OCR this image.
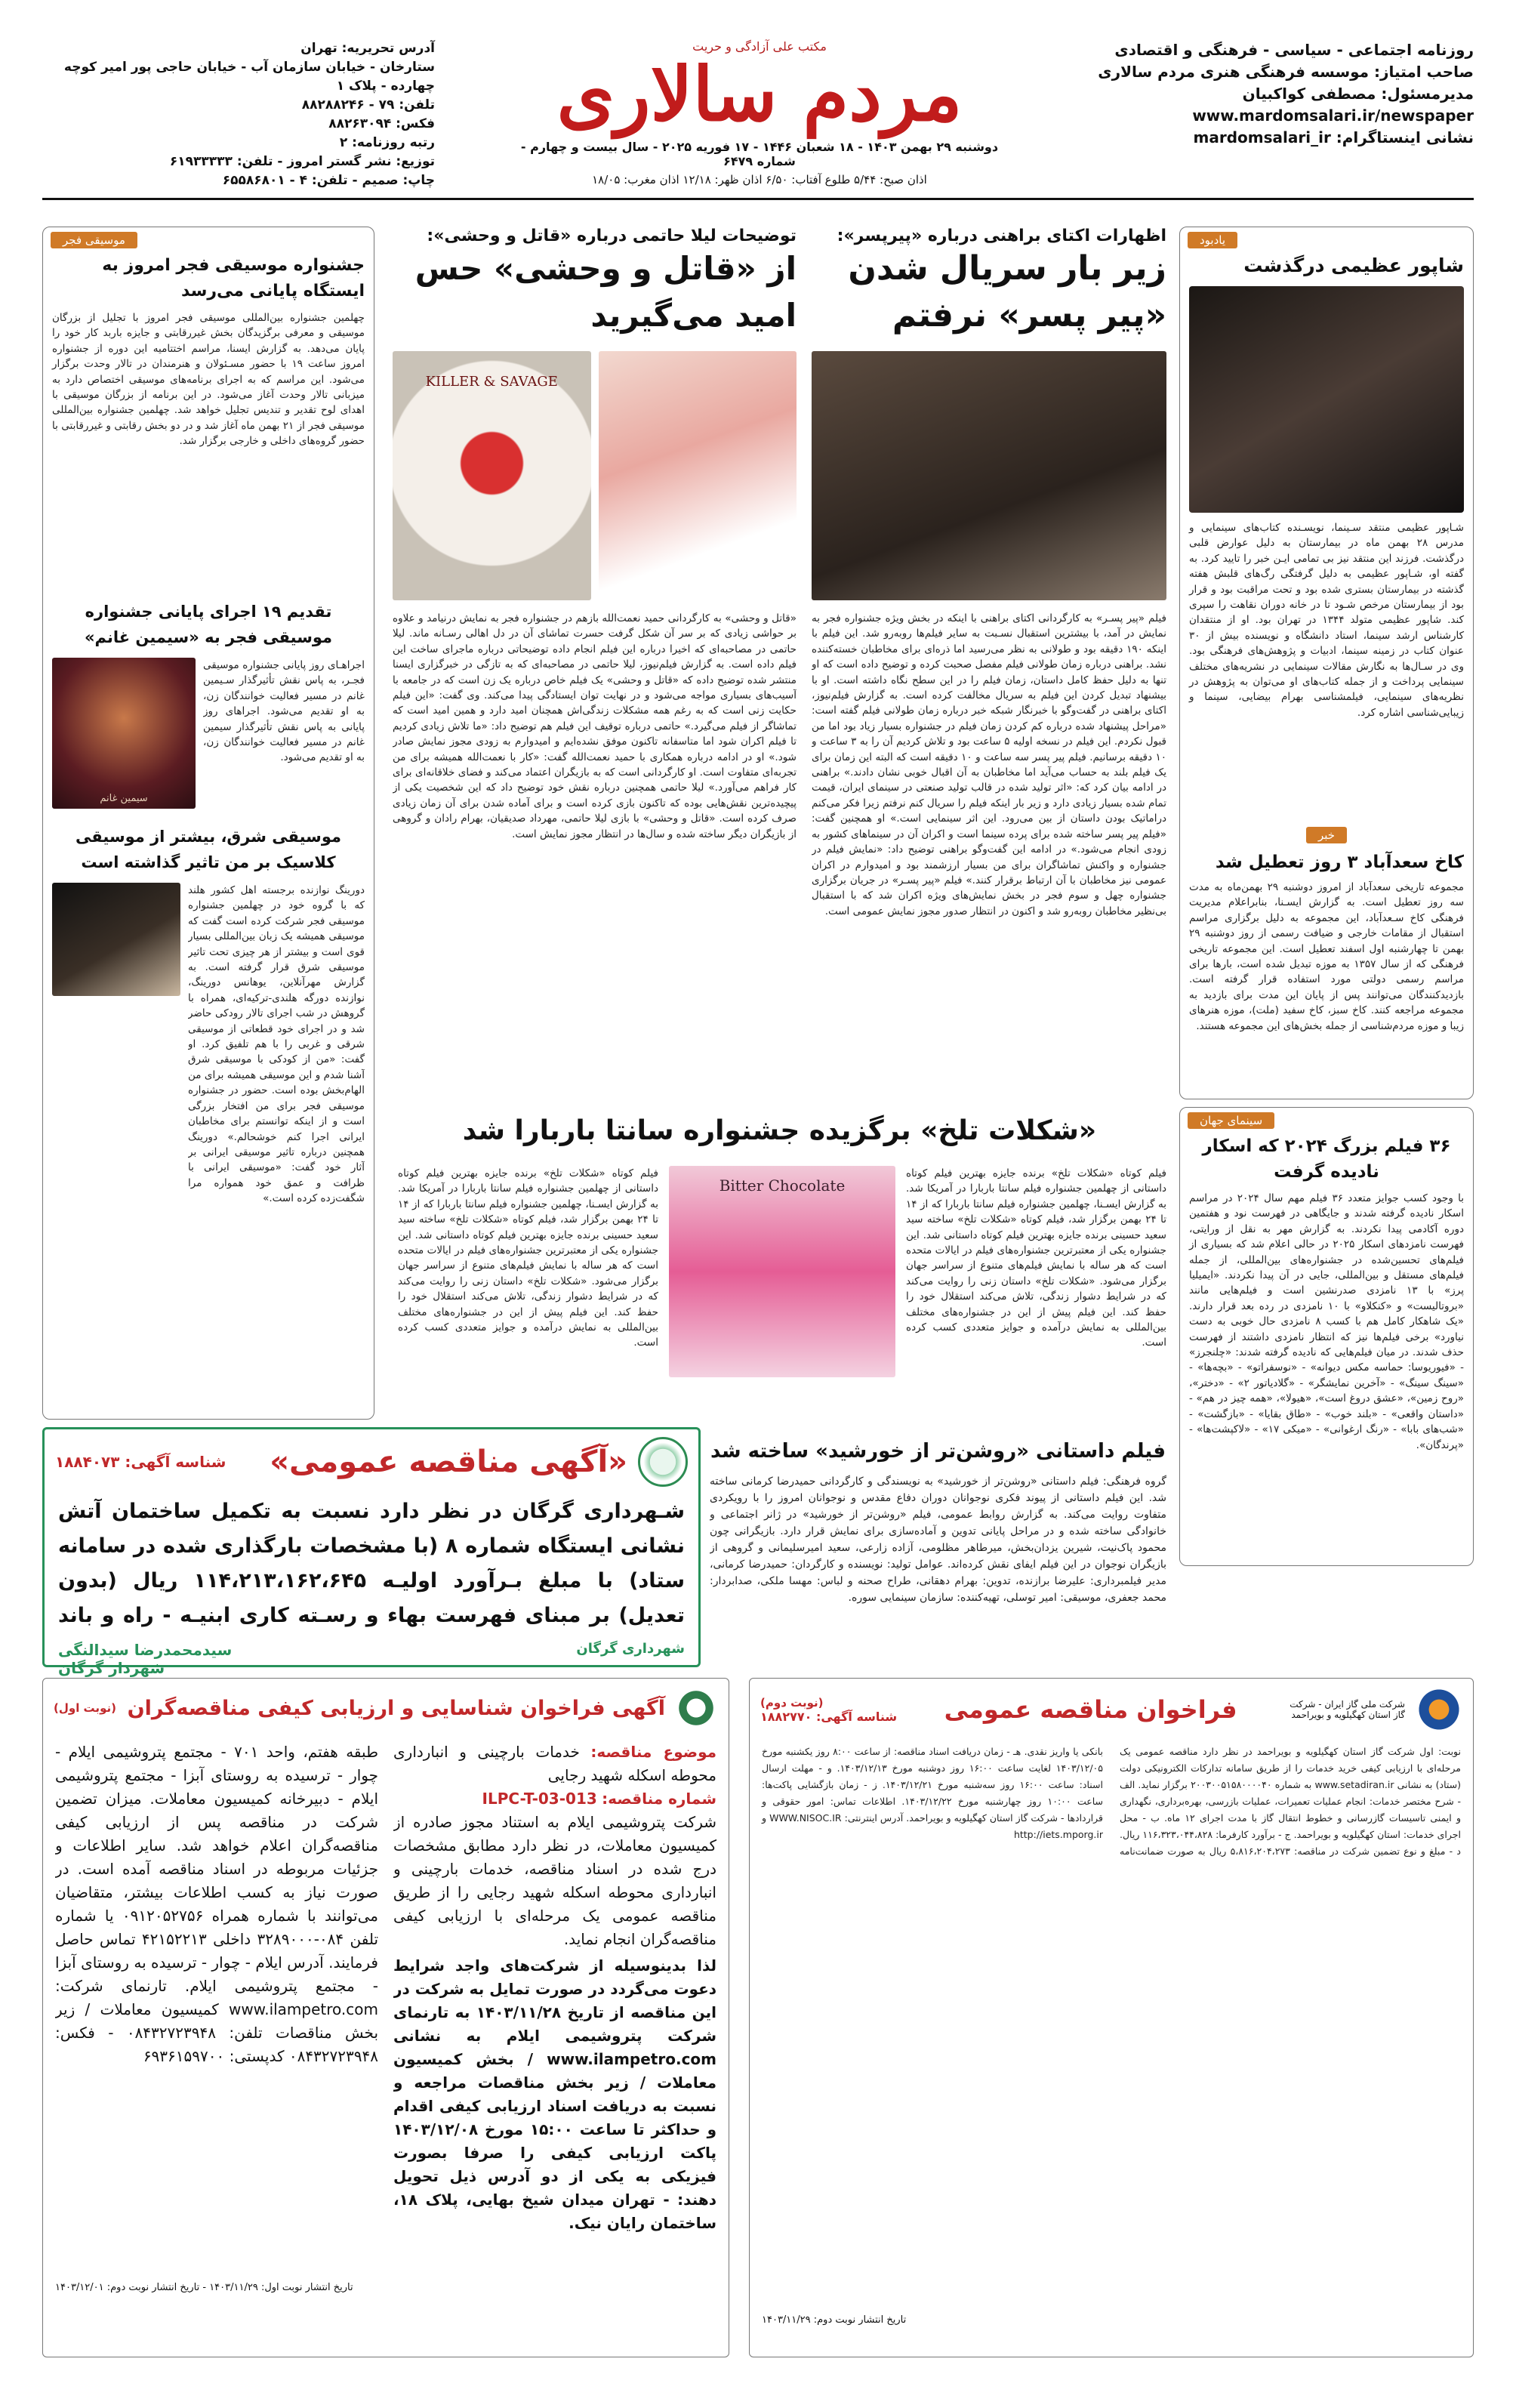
روزنامه اجتماعی - سیاسی - فرهنگی و اقتصادی
صاحب امتیاز: موسسه فرهنگی هنری مردم سالاری
مدیرمسئول: مصطفی کواکبیان
www.mardomsalari.ir/newspaper
نشانی اینستاگرام: mardomsalari_ir
مکتب علی آزادگی و حریت
مردم سالاری
دوشنبه ۲۹ بهمن ۱۴۰۳ - ۱۸ شعبان ۱۴۴۶ - ۱۷ فوریه ۲۰۲۵ - سال بیست و چهارم - شماره ۶۴۷۹
اذان صبح: ۵/۴۴ طلوع آفتاب: ۶/۵۰ اذان ظهر: ۱۲/۱۸ اذان مغرب: ۱۸/۰۵
آدرس تحریریه: تهران
ستارخان - خیابان سازمان آب - خیابان حاجی پور امیر کوچه چهارده - پلاک ۱
تلفن: ۷۹ - ۸۸۲۸۸۲۴۶
فکس: ۸۸۲۶۳۰۹۴
رتبه روزنامه: ۲
توزیع: نشر گستر امروز - تلفن: ۶۱۹۳۳۳۳۳
چاپ: صمیم - تلفن: ۴ - ۶۵۵۸۶۸۰۱
یادبود
شاپور عظیمی درگذشت
شـاپور عظیمی منتقد سـینما، نویسـنده کتاب‌های سینمایی و مدرس ۲۸ بهمن ماه در بیمارستان به دلیل عوارض قلبی درگذشت. فرزند این منتقد نیز بی تمامی ایـن خبر را تایید کرد. به گفته او، شـاپور عظیمی به دلیل گرفتگی رگ‌های قلبش هفته گذشته در بیمارستان بستری شده بود و تحت مراقبت بود و قرار بود از بیمارستان مرخص شـود تا در خانه دوران نقاهت را سپری کند. شاپور عظیمی متولد ۱۳۴۴ در تهران بود. او از منتقدان کارشناس ارشد سینما، استاد دانشگاه و نویسنده بیش از ۳۰ عنوان کتاب در زمینه سینما، ادبیات و پژوهش‌های فرهنگی بود. وی در سـال‌ها به نگارش مقالات سینمایی در نشریه‌های مختلف سینمایی پرداخت و از جمله کتاب‌های او می‌توان به پژوهش در نظریه‌های سینمایی، فیلمشناسی بهرام بیضایی، سینما و زیبایی‌شناسی اشاره کرد.
خبر
کاخ سعدآباد ۳ روز تعطیل شد
مجموعه تاریخی سعدآباد از امروز دوشنبه ۲۹ بهمن‌ماه به مدت سه روز تعطیل است. به گزارش ایسـنا، بنابراعلام مدیریت فرهنگی کاخ سـعدآباد، این مجموعه به دلیل برگزاری مراسم استقبال از مقامات خارجی و ضیافت رسمی از روز دوشنبه ۲۹ بهمن تا چهارشنبه اول اسفند تعطیل است. این مجموعه تاریخی فرهنگی که از سال ۱۳۵۷ به موزه تبدیل شده است، بارها برای مراسم رسمی دولتی مورد استفاده قرار گرفته است. بازدیدکنندگان می‌توانند پس از پایان این مدت برای بازدید به مجموعه مراجعه کنند. کاخ سبز، کاخ سفید (ملت)، موزه هنرهای زیبا و موزه مردم‌شناسی از جمله بخش‌های این مجموعه هستند.
سینمای جهان
۳۶ فیلم بزرگ ۲۰۲۴ که اسکار نادیده گرفت
با وجود کسب جوایز متعدد ۳۶ فیلم مهم سال ۲۰۲۴ در مراسم اسکار نادیده گرفته شدند و جایگاهی در فهرست نود و هفتمین دوره آکادمی پیدا نکردند. به گزارش مهر به نقل از ورایتی، فهرست نامزدهای اسکار ۲۰۲۵ در حالی اعلام شد که بسیاری از فیلم‌های تحسین‌شده در جشنواره‌های بین‌المللی، از جمله فیلم‌های مستقل و بین‌المللی، جایی در آن پیدا نکردند. «ایمیلیا پرز» با ۱۳ نامزدی صدرنشین است و فیلم‌هایی مانند «بروتالیست» و «کنکلاو» با ۱۰ نامزدی در رده بعد قرار دارند. «یک شاهکار کامل هم با کسب ۸ نامزدی حال خوبی به دست نیاورد» برخی فیلم‌ها نیز که انتظار نامزدی داشتند از فهرست حذف شدند. در میان فیلم‌هایی که نادیده گرفته شدند: «چلنجرز» - «فیوریوسا: حماسه مکس دیوانه» - «نوسفراتو» - «بچه‌ها» - «سینگ سینگ» - «آخرین نمایشگر» - «گلادیاتور ۲» - «دختر»، «روح زمین»، «عشق دروغ است»، «هیولا»، «همه چیز در هم» - «داستان واقعی» - «بلند خوب» - «طاق بقایا» - «بازگشت» - «شب‌های بابا» - «رنگ ارغوانی» - «میکی ۱۷» - «لاکپشت‌ها» - «پرندگان».
اظهارات اکتای براهنی درباره «پیرپسر»:
زیر بار سریال شدن «پیر پسر» نرفتم
فیلم «پیر پسـر» به کارگردانی اکتای براهنی با اینکه در بخش ویژه جشنواره فجر به نمایش در آمد، با بیشترین استقبال نسـبت به سایر فیلم‌ها روبه‌رو شد. این فیلم با اینکه ۱۹۰ دقیقه بود و طولانی به نظر می‌رسید اما ذره‌ای برای مخاطبان خسته‌کننده نشد. براهنی درباره زمان طولانی فیلم مفصل صحبت کرده و توضیح داده است که او تنها به دلیل حفظ کامل داستان، زمان فیلم را در این سطح نگاه داشته است. او با بیشنهاد تبدیل کردن این فیلم به سریال مخالفت کرده است. به گزارش فیلم‌نیوز، اکتای براهنی در گفت‌وگو با خبرنگار شبکه خبر درباره زمان طولانی فیلم گفته است: «مراحل پیشنهاد شده درباره کم کردن زمان فیلم در جشنواره بسیار زیاد بود اما من قبول نکردم. این فیلم در نسخه اولیه ۵ ساعت بود و تلاش کردیم آن را به ۳ ساعت و ۱۰ دقیقه برسانیم. فیلم پیر پسر سه ساعت و ۱۰ دقیقه است که البته این زمان برای یک فیلم بلند به حساب می‌آید اما مخاطبان به آن اقبال خوبی نشان دادند.» براهنی در ادامه بیان کرد که: «اثر تولید شده در قالب تولید صنعتی در سینمای ایران، قیمت تمام شده بسیار زیادی دارد و زیر بار اینکه فیلم را سریال کنم نرفتم زیرا فکر می‌کنم دراماتیک بودن داستان از بین می‌رود. این اثر سینمایی است.» او همچنین گفت: «فیلم پیر پسر ساخته شده برای پرده سینما است و اکران آن در سینماهای کشور به زودی انجام می‌شود.» در ادامه این گفت‌وگو براهنی توضیح داد: «نمایش فیلم در جشنواره و واکنش تماشاگران برای من بسیار ارزشمند بود و امیدوارم در اکران عمومی نیز مخاطبان با آن ارتباط برقرار کنند.» فیلم «پیر پسـر» در جریان برگزاری جشنواره چهل و سوم فجر در بخش نمایش‌های ویژه اکران شد که با استقبال بی‌نظیر مخاطبان روبه‌رو شد و اکنون در انتظار صدور مجوز نمایش عمومی است.
توضیحات لیلا حاتمی درباره «قاتل و وحشی»:
از «قاتل و وحشی» حس امید می‌گیرید
KILLER & SAVAGE
«قاتل و وحشی» به کارگردانی حمید نعمت‌الله بازهم در جشنواره فجر به نمایش درنیامد و علاوه بر حواشی زیادی که بر سر آن شکل گرفت حسرت تماشای آن در دل اهالی رسـانه ماند. لیلا حاتمی در مصاحبه‌ای که اخیرا درباره این فیلم انجام داده توضیحاتی درباره ماجرای ساخت این فیلم داده است. به گزارش فیلم‌نیوز، لیلا حاتمی در مصاحبه‌ای که به تازگی در خبرگزاری ایسنا منتشر شده توضیح داده که «قاتل و وحشی» یک فیلم خاص درباره یک زن است که در جامعه با آسیب‌های بسیاری مواجه می‌شود و در نهایت توان ایستادگی پیدا می‌کند. وی گفت: «این فیلم حکایت زنی است که به رغم همه مشکلات زندگی‌اش همچنان امید دارد و همین امید است که تماشاگر از فیلم می‌گیرد.» حاتمی درباره توقیف این فیلم هم توضیح داد: «ما تلاش زیادی کردیم تا فیلم اکران شود اما متاسفانه تاکنون موفق نشده‌ایم و امیدوارم به زودی مجوز نمایش صادر شود.» او در ادامه درباره همکاری با حمید نعمت‌الله گفت: «کار با نعمت‌الله همیشه برای من تجربه‌ای متفاوت است. او کارگردانی است که به بازیگران اعتماد می‌کند و فضای خلاقانه‌ای برای کار فراهم می‌آورد.» لیلا حاتمی همچنین درباره نقش خود توضیح داد که این شخصیت یکی از پیچیده‌ترین نقش‌هایی بوده که تاکنون بازی کرده است و برای آماده شدن برای آن زمان زیادی صرف کرده است. «قاتل و وحشی» با بازی لیلا حاتمی، مهرداد صدیقیان، بهرام رادان و گروهی از بازیگران دیگر ساخته شده و سال‌ها در انتظار مجوز نمایش است.
«شکلات تلخ» برگزیده جشنواره سانتا باربارا شد
فیلم کوتاه «شکلات تلخ» برنده جایزه بهترین فیلم کوتاه داستانی از چهلمین جشنواره فیلم سانتا باربارا در آمریکا شد. به گزارش ایسـنا، چهلمین جشنواره فیلم سانتا باربارا که از ۱۴ تا ۲۴ بهمن برگزار شد، فیلم کوتاه «شکلات تلخ» ساخته سید سعید حسینی برنده جایزه بهترین فیلم کوتاه داستانی شد. این جشنواره یکی از معتبرترین جشنواره‌های فیلم در ایالات متحده است که هر ساله با نمایش فیلم‌های متنوع از سراسر جهان برگزار می‌شود. «شکلات تلخ» داستان زنی را روایت می‌کند که در شرایط دشوار زندگی، تلاش می‌کند استقلال خود را حفظ کند. این فیلم پیش از این در جشنواره‌های مختلف بین‌المللی به نمایش درآمده و جوایز متعددی کسب کرده است.
Bitter Chocolate
فیلم کوتاه «شکلات تلخ» برنده جایزه بهترین فیلم کوتاه داستانی از چهلمین جشنواره فیلم سانتا باربارا در آمریکا شد. به گزارش ایسـنا، چهلمین جشنواره فیلم سانتا باربارا که از ۱۴ تا ۲۴ بهمن برگزار شد، فیلم کوتاه «شکلات تلخ» ساخته سید سعید حسینی برنده جایزه بهترین فیلم کوتاه داستانی شد. این جشنواره یکی از معتبرترین جشنواره‌های فیلم در ایالات متحده است که هر ساله با نمایش فیلم‌های متنوع از سراسر جهان برگزار می‌شود. «شکلات تلخ» داستان زنی را روایت می‌کند که در شرایط دشوار زندگی، تلاش می‌کند استقلال خود را حفظ کند. این فیلم پیش از این در جشنواره‌های مختلف بین‌المللی به نمایش درآمده و جوایز متعددی کسب کرده است.
موسیقی فجر
جشنواره موسیقی فجر امروز به ایستگاه پایانی می‌رسد
چهلمین جشنواره بین‌المللی موسیقی فجر امروز با تجلیل از بزرگان موسیقی و معرفی برگزیدگان بخش غیررقابتی و جایزه باربد کار خود را پایان می‌دهد. به گزارش ایسنا، مراسم اختتامیه این دوره از جشنواره امروز ساعت ۱۹ با حضور مسـئولان و هنرمندان در تالار وحدت برگزار می‌شود. این مراسم که به اجرای برنامه‌های موسیقی اختصاص دارد به میزبانی تالار وحدت آغاز می‌شود. در این برنامه از بزرگان موسیقی با اهدای لوح تقدیر و تندیس تجلیل خواهد شد. چهلمین جشنواره بین‌المللی موسیقی فجر از ۲۱ بهمن ماه آغاز شد و در دو بخش رقابتی و غیررقابتی با حضور گروه‌های داخلی و خارجی برگزار شد.
تقدیم ۱۹ اجرای پایانی جشنواره موسیقی فجر به «سیمین غانم»
اجراهـای روز پایانی جشنواره موسیقی فجـر، به پاس نقش تأثیرگذار سـیمین غانم در مسیر فعالیت خوانندگان زن، به او تقدیم می‌شود. اجراهای روز پایانی به پاس نقش تأثیرگذار سیمین غانم در مسیر فعالیت خوانندگان زن، به او تقدیم می‌شود.
سیمین غانم
موسیقی شرق، بیشتر از موسیقی کلاسیک بر من تاثیر گذاشته است
دورینگ نوازنده برجسته اهل کشور هلند که با گروه خود در چهلمین جشنواره موسیقی فجر شرکت کرده است گفت که موسیقی همیشه یک زبان بین‌المللی بسیار قوی است و بیشتر از هر چیزی تحت تاثیر موسیقی شرق قرار گرفته است. به گزارش مهرآنلاین، یوهانس دورینگ، نوازنده دورگه هلندی-ترکیه‌ای، همراه با گروهش در شب اجرای تالار رودکی حاضر شد و در اجرای خود قطعاتی از موسیقی شرقی و غربی را با هم تلفیق کرد. او گفت: «من از کودکی با موسیقی شرق آشنا شدم و این موسیقی همیشه برای من الهام‌بخش بوده است. حضور در جشنواره موسیقی فجر برای من افتخار بزرگی است و از اینکه توانستم برای مخاطبان ایرانی اجرا کنم خوشحالم.» دورینگ همچنین درباره تاثیر موسیقی ایرانی بر آثار خود گفت: «موسیقی ایرانی با ظرافت و عمق خود همواره مرا شگفت‌زده کرده است.»
فیلم داستانی «روشن‌تر از خورشید» ساخته شد
گروه فرهنگی: فیلم داستانی «روشن‌تر از خورشید» به نویسندگی و کارگردانی حمیدرضا کرمانی ساخته شد. این فیلم داستانی از پیوند فکری نوجوانان دوران دفاع مقدس و نوجوانان امروز را با رویکردی متفاوت روایت می‌کند. به گزارش روابط عمومی، فیلم «روشن‌تر از خورشید» در ژانر اجتماعی و خانوادگی ساخته شده و در مراحل پایانی تدوین و آماده‌سازی برای نمایش قرار دارد. بازیگرانی چون محمود پاک‌نیت، شیرین یزدان‌بخش، میرطاهر مظلومی، آزاده زارعی، سعید امیرسلیمانی و گروهی از بازیگران نوجوان در این فیلم ایفای نقش کرده‌اند. عوامل تولید: نویسنده و کارگردان: حمیدرضا کرمانی، مدیر فیلمبرداری: علیرضا برازنده، تدوین: بهرام دهقانی، طراح صحنه و لباس: مهسا ملکی، صدابردار: محمد جعفری، موسیقی: امیر توسلی، تهیه‌کننده: سازمان سینمایی سوره.
«آگهی مناقصه عمومی»
شناسه آگهی: ۱۸۸۴۰۷۳
شـهرداری گرگان در نظر دارد نسبت به تکمیل ساختمان آتش نشانی ایستگاه شماره ۸ (با مشخصات بارگذاری شده در سامانه ستاد) با مبلغ بـرآورد اولیـه ۱۱۴،۲۱۳،۱۶۲،۶۴۵ ریال (بدون تعدیل) بر مبنای فهرست بهاء و رسـته کاری ابنیـه - راه و باند
شهرداری گرگان
سیدمحمدرضا سیدالنگی
شهردار گرگان
شرکت ملی گاز ایران - شرکت گاز استان کهگیلویه و بویراحمد
فراخوان مناقصه عمومی
(نوبت دوم)
شناسه آگهی: ۱۸۸۲۷۷۰
نوبت: اول شرکت گاز استان کهگیلویه و بویراحمد در نظر دارد مناقصه عمومی یک مرحله‌ای با ارزیابی کیفی خرید خدمات را از طریق سامانه تدارکات الکترونیکی دولت (ستاد) به نشانی www.setadiran.ir به شماره ۲۰۰۳۰۰۵۱۵۸۰۰۰۰۴۰ برگزار نماید. الف - شرح مختصر خدمات: انجام عملیات تعمیرات، عملیات بازرسی، بهره‌برداری، نگهداری و ایمنی تاسیسات گازرسانی و خطوط انتقال گاز با مدت اجرای ۱۲ ماه. ب - محل اجرای خدمات: استان کهگیلویه و بویراحمد. ج - برآورد کارفرما: ۱۱۶،۳۲۳،۰۴۴،۸۲۸ ریال. د - مبلغ و نوع تضمین شرکت در مناقصه: ۵،۸۱۶،۲۰۴،۲۷۳ ریال به صورت ضمانت‌نامه بانکی یا واریز نقدی. هـ - زمان دریافت اسناد مناقصه: از ساعت ۸:۰۰ روز یکشنبه مورخ ۱۴۰۳/۱۲/۰۵ لغایت ساعت ۱۶:۰۰ روز دوشنبه مورخ ۱۴۰۳/۱۲/۱۳. و - مهلت ارسال اسناد: ساعت ۱۶:۰۰ روز سه‌شنبه مورخ ۱۴۰۳/۱۲/۲۱. ز - زمان بازگشایی پاکت‌ها: ساعت ۱۰:۰۰ روز چهارشنبه مورخ ۱۴۰۳/۱۲/۲۲. اطلاعات تماس: امور حقوقی و قراردادها - شرکت گاز استان کهگیلویه و بویراحمد. آدرس اینترنتی: WWW.NISOC.IR و http://iets.mporg.ir
تاریخ انتشار نوبت دوم: ۱۴۰۳/۱۱/۲۹
آگهی فراخوان شناسایی و ارزیابی کیفی مناقصه‌گران
(نوبت اول)
موضوع مناقصه: خدمات بارچینی و انبارداری محوطه اسکله شهید رجایی
شماره مناقصه: ILPC-T-03-013
شرکت پتروشیمی ایلام به استناد مجوز صادره از کمیسیون معاملات، در نظر دارد مطابق مشخصات درج شده در اسناد مناقصه، خدمات بارچینی و انبارداری محوطه اسکله شهید رجایی را از طریق مناقصه عمومی یک مرحله‌ای با ارزیابی کیفی مناقصه‌گران انجام نماید.
لذا بدینوسیله از شرکت‌های واجد شرایط دعوت می‌گردد در صورت تمایل به شرکت در این مناقصه از تاریخ ۱۴۰۳/۱۱/۲۸ به تارنمای شرکت پتروشیمی ایلام به نشانی www.ilampetro.com / بخش کمیسیون معاملات / زیر بخش مناقصات مراجعه و نسبت به دریافت اسناد ارزیابی کیفی اقدام و حداکثر تا ساعت ۱۵:۰۰ مورخ ۱۴۰۳/۱۲/۰۸ پاکت ارزیابی کیفی را صرفا بصورت فیزیکی به یکی از دو آدرس ذیل تحویل دهند: - تهران میدان شیخ بهایی، پلاک ۱۸، ساختمان رایان نیک.
طبقه هفتم، واحد ۷۰۱ - مجتمع پتروشیمی ایلام - چوار - ترسیده به روستای آبزا - مجتمع پتروشیمی ایلام - دبیرخانه کمیسیون معاملات. میزان تضمین شرکت در مناقصه پس از ارزیابی کیفی مناقصه‌گران اعلام خواهد شد. سایر اطلاعات و جزئیات مربوطه در اسناد مناقصه آمده است. در صورت نیاز به کسب اطلاعات بیشتر، متقاضیان می‌توانند با شماره همراه ۰۹۱۲۰۵۲۷۵۶ یا شماره تلفن ۰۸۴-۳۲۸۹۰۰۰ داخلی ۴۲۱۵۲۲۱۳ تماس حاصل فرمایند. آدرس ایلام - چوار - ترسیده به روستای آبزا - مجتمع پتروشیمی ایلام. تارنمای شرکت: www.ilampetro.com کمیسیون معاملات / زیر بخش مناقصات تلفن: ۰۸۴۳۲۷۲۳۹۴۸ - فکس: ۰۸۴۳۲۷۲۳۹۴۸ کدپستی: ۶۹۳۶۱۵۹۷۰۰
تاریخ انتشار نوبت اول: ۱۴۰۳/۱۱/۲۹ - تاریخ انتشار نوبت دوم: ۱۴۰۳/۱۲/۰۱
